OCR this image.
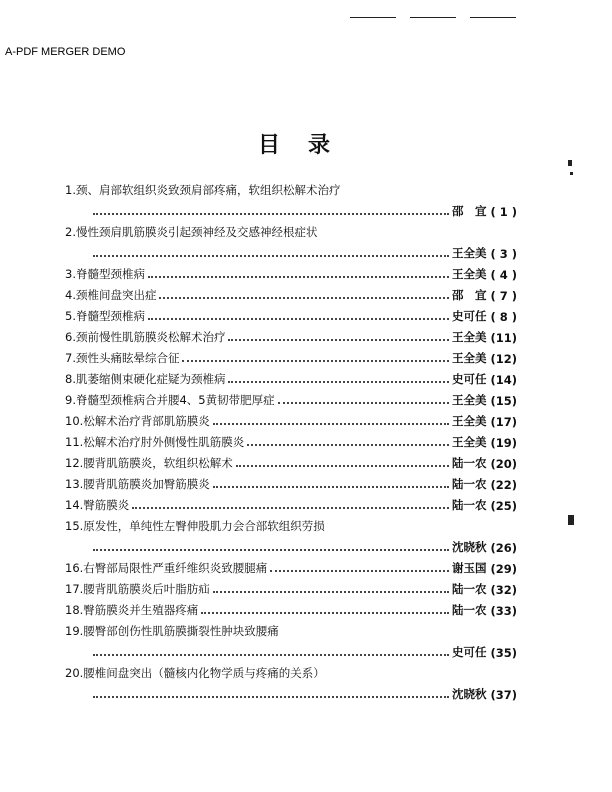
A-PDF MERGER DEMO
目录
1.颈、肩部软组织炎致颈肩部疼痛，软组织松解术治疗
邵　宜 ( 1 )
2.慢性颈肩肌筋膜炎引起颈神经及交感神经根症状
王全美 ( 3 )
3.脊髓型颈椎病	王全美 ( 4 )
4.颈椎间盘突出症	邵　宜 ( 7 )
5.脊髓型颈椎病	史可任 ( 8 )
6.颈前慢性肌筋膜炎松解术治疗	王全美 (11)
7.颈性头痛眩晕综合征	王全美 (12)
8.肌萎缩侧束硬化症疑为颈椎病	史可任 (14)
9.脊髓型颈椎病合并腰4、5黄韧带肥厚症	王全美 (15)
10.松解术治疗背部肌筋膜炎	王全美 (17)
11.松解术治疗肘外侧慢性肌筋膜炎	王全美 (19)
12.腰背肌筋膜炎，软组织松解术	陆一农 (20)
13.腰背肌筋膜炎加臀筋膜炎	陆一农 (22)
14.臀筋膜炎	陆一农 (25)
15.原发性，单纯性左臀伸股肌力会合部软组织劳损
沈晓秋 (26)
16.右臀部局限性严重纤维织炎致腰腿痛	谢玉国 (29)
17.腰背肌筋膜炎后叶脂肪疝	陆一农 (32)
18.臀筋膜炎并生殖器疼痛	陆一农 (33)
19.腰臀部创伤性肌筋膜撕裂性肿块致腰痛
史可任 (35)
20.腰椎间盘突出（髓核内化物学质与疼痛的关系）
沈晓秋 (37)
